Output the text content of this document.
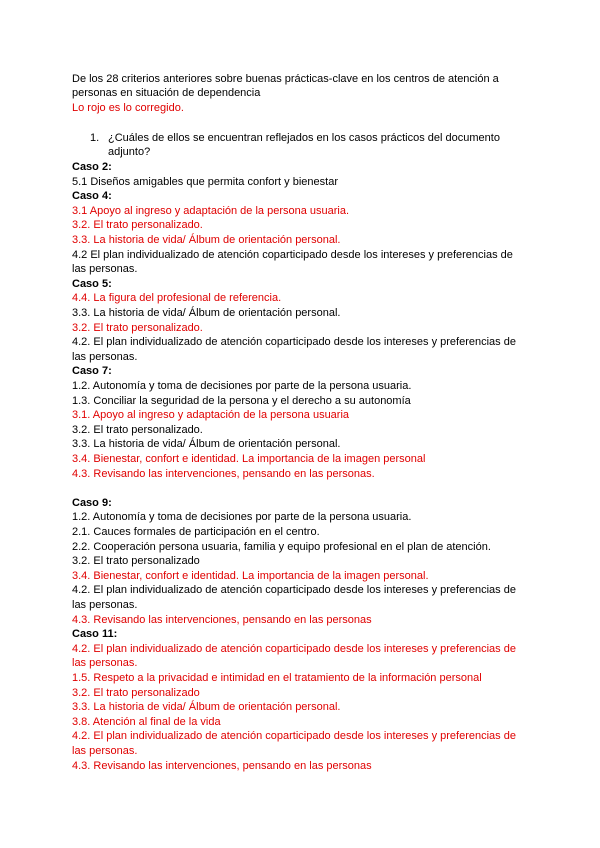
De los 28 criterios anteriores sobre buenas prácticas-clave en los centros de atención a
personas en situación de dependencia
Lo rojo es lo corregido.
1. ¿Cuáles de ellos se encuentran reflejados en los casos prácticos del documento
adjunto?
Caso 2:
5.1 Diseños amigables que permita confort y bienestar
Caso 4:
3.1 Apoyo al ingreso y adaptación de la persona usuaria.
3.2. El trato personalizado.
3.3. La historia de vida/ Álbum de orientación personal.
4.2 El plan individualizado de atención coparticipado desde los intereses y preferencias de
las personas.
Caso 5:
4.4. La figura del profesional de referencia.
3.3. La historia de vida/ Álbum de orientación personal.
3.2. El trato personalizado.
4.2. El plan individualizado de atención coparticipado desde los intereses y preferencias de
las personas.
Caso 7:
1.2. Autonomía y toma de decisiones por parte de la persona usuaria.
1.3. Conciliar la seguridad de la persona y el derecho a su autonomía
3.1. Apoyo al ingreso y adaptación de la persona usuaria
3.2. El trato personalizado.
3.3. La historia de vida/ Álbum de orientación personal.
3.4. Bienestar, confort e identidad. La importancia de la imagen personal
4.3. Revisando las intervenciones, pensando en las personas.
Caso 9:
1.2. Autonomía y toma de decisiones por parte de la persona usuaria.
2.1. Cauces formales de participación en el centro.
2.2. Cooperación persona usuaria, familia y equipo profesional en el plan de atención.
3.2. El trato personalizado
3.4. Bienestar, confort e identidad. La importancia de la imagen personal.
4.2. El plan individualizado de atención coparticipado desde los intereses y preferencias de
las personas.
4.3. Revisando las intervenciones, pensando en las personas
Caso 11:
4.2. El plan individualizado de atención coparticipado desde los intereses y preferencias de
las personas.
1.5. Respeto a la privacidad e intimidad en el tratamiento de la información personal
3.2. El trato personalizado
3.3. La historia de vida/ Álbum de orientación personal.
3.8. Atención al final de la vida
4.2. El plan individualizado de atención coparticipado desde los intereses y preferencias de
las personas.
4.3. Revisando las intervenciones, pensando en las personas
